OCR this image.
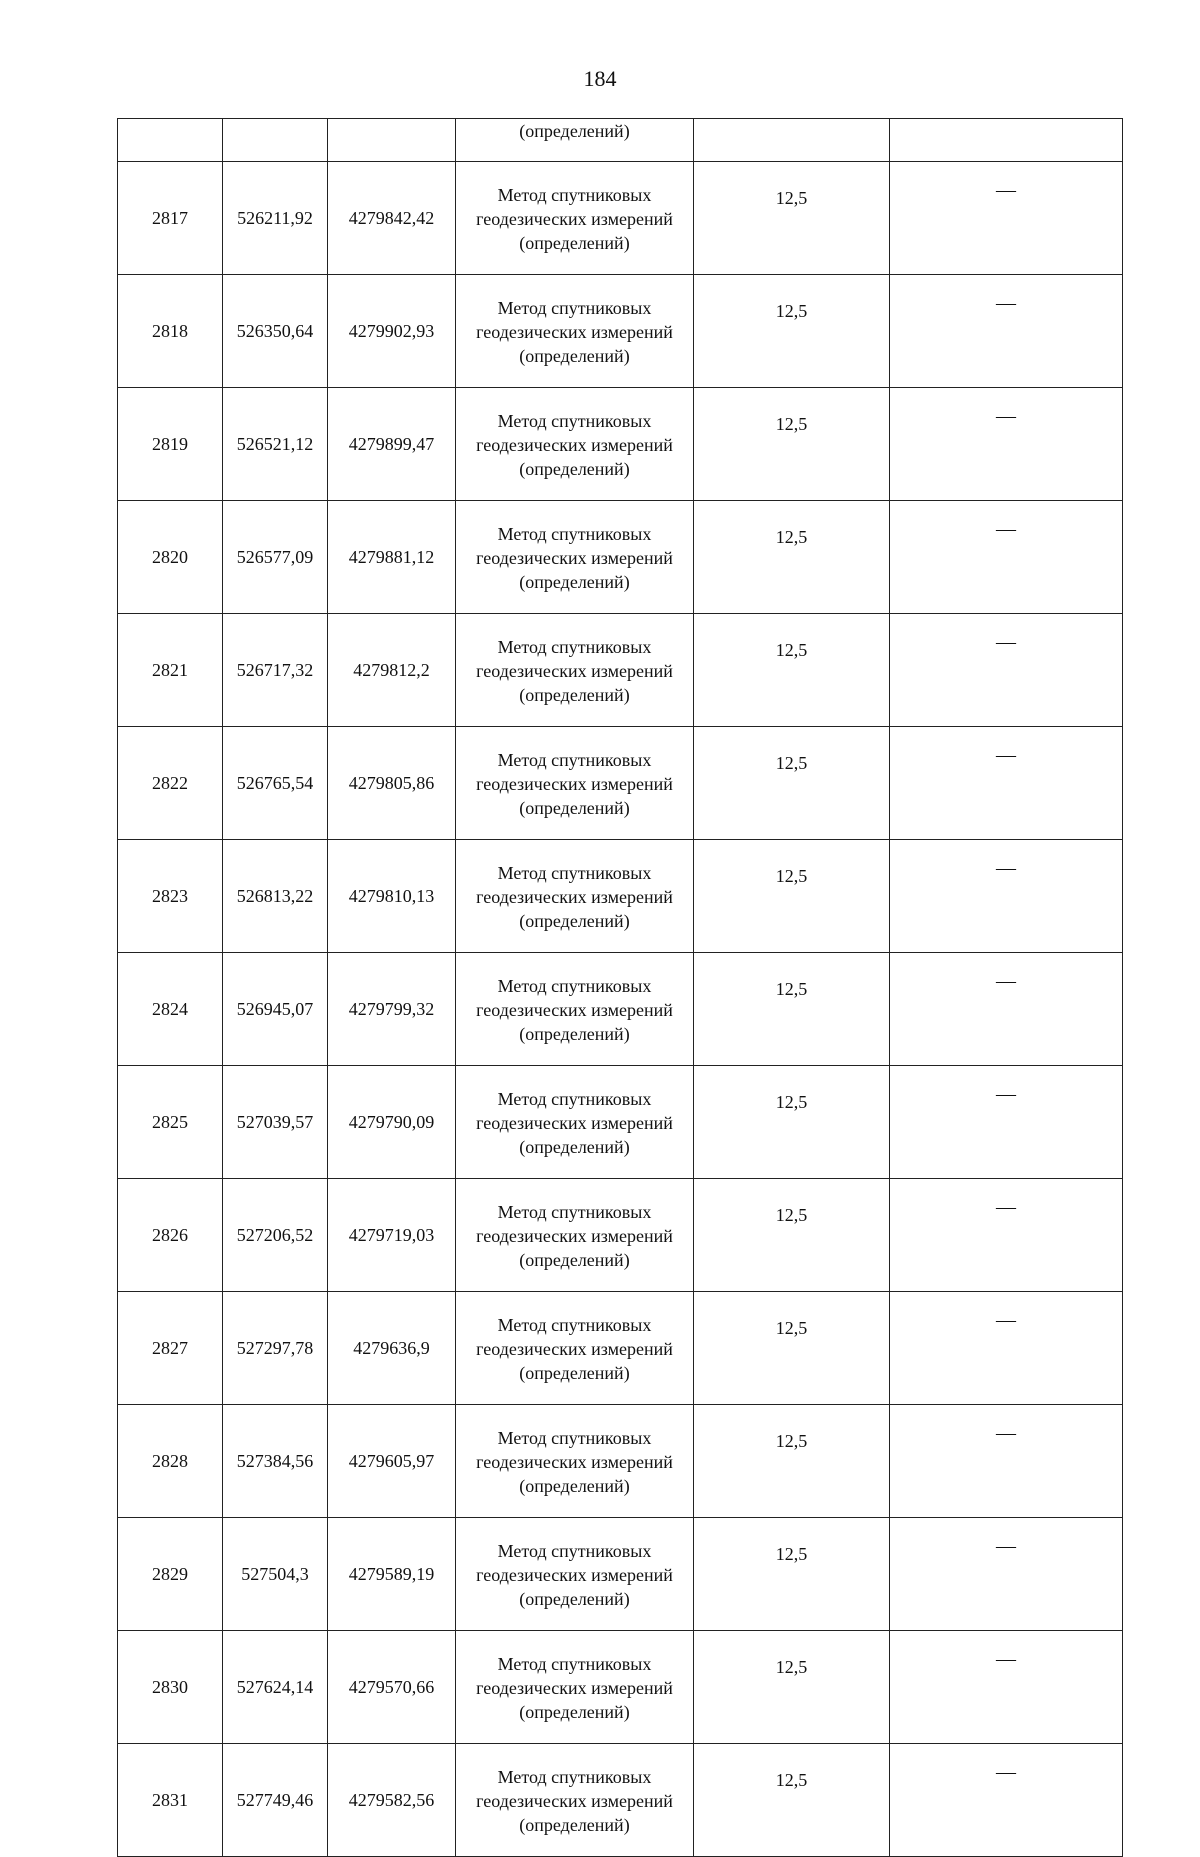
184
			(определений)		
2817	526211,92	4279842,42	Метод спутниковых
геодезических измерений
(определений)	12,5	—
2818	526350,64	4279902,93	Метод спутниковых
геодезических измерений
(определений)	12,5	—
2819	526521,12	4279899,47	Метод спутниковых
геодезических измерений
(определений)	12,5	—
2820	526577,09	4279881,12	Метод спутниковых
геодезических измерений
(определений)	12,5	—
2821	526717,32	4279812,2	Метод спутниковых
геодезических измерений
(определений)	12,5	—
2822	526765,54	4279805,86	Метод спутниковых
геодезических измерений
(определений)	12,5	—
2823	526813,22	4279810,13	Метод спутниковых
геодезических измерений
(определений)	12,5	—
2824	526945,07	4279799,32	Метод спутниковых
геодезических измерений
(определений)	12,5	—
2825	527039,57	4279790,09	Метод спутниковых
геодезических измерений
(определений)	12,5	—
2826	527206,52	4279719,03	Метод спутниковых
геодезических измерений
(определений)	12,5	—
2827	527297,78	4279636,9	Метод спутниковых
геодезических измерений
(определений)	12,5	—
2828	527384,56	4279605,97	Метод спутниковых
геодезических измерений
(определений)	12,5	—
2829	527504,3	4279589,19	Метод спутниковых
геодезических измерений
(определений)	12,5	—
2830	527624,14	4279570,66	Метод спутниковых
геодезических измерений
(определений)	12,5	—
2831	527749,46	4279582,56	Метод спутниковых
геодезических измерений
(определений)	12,5	—
